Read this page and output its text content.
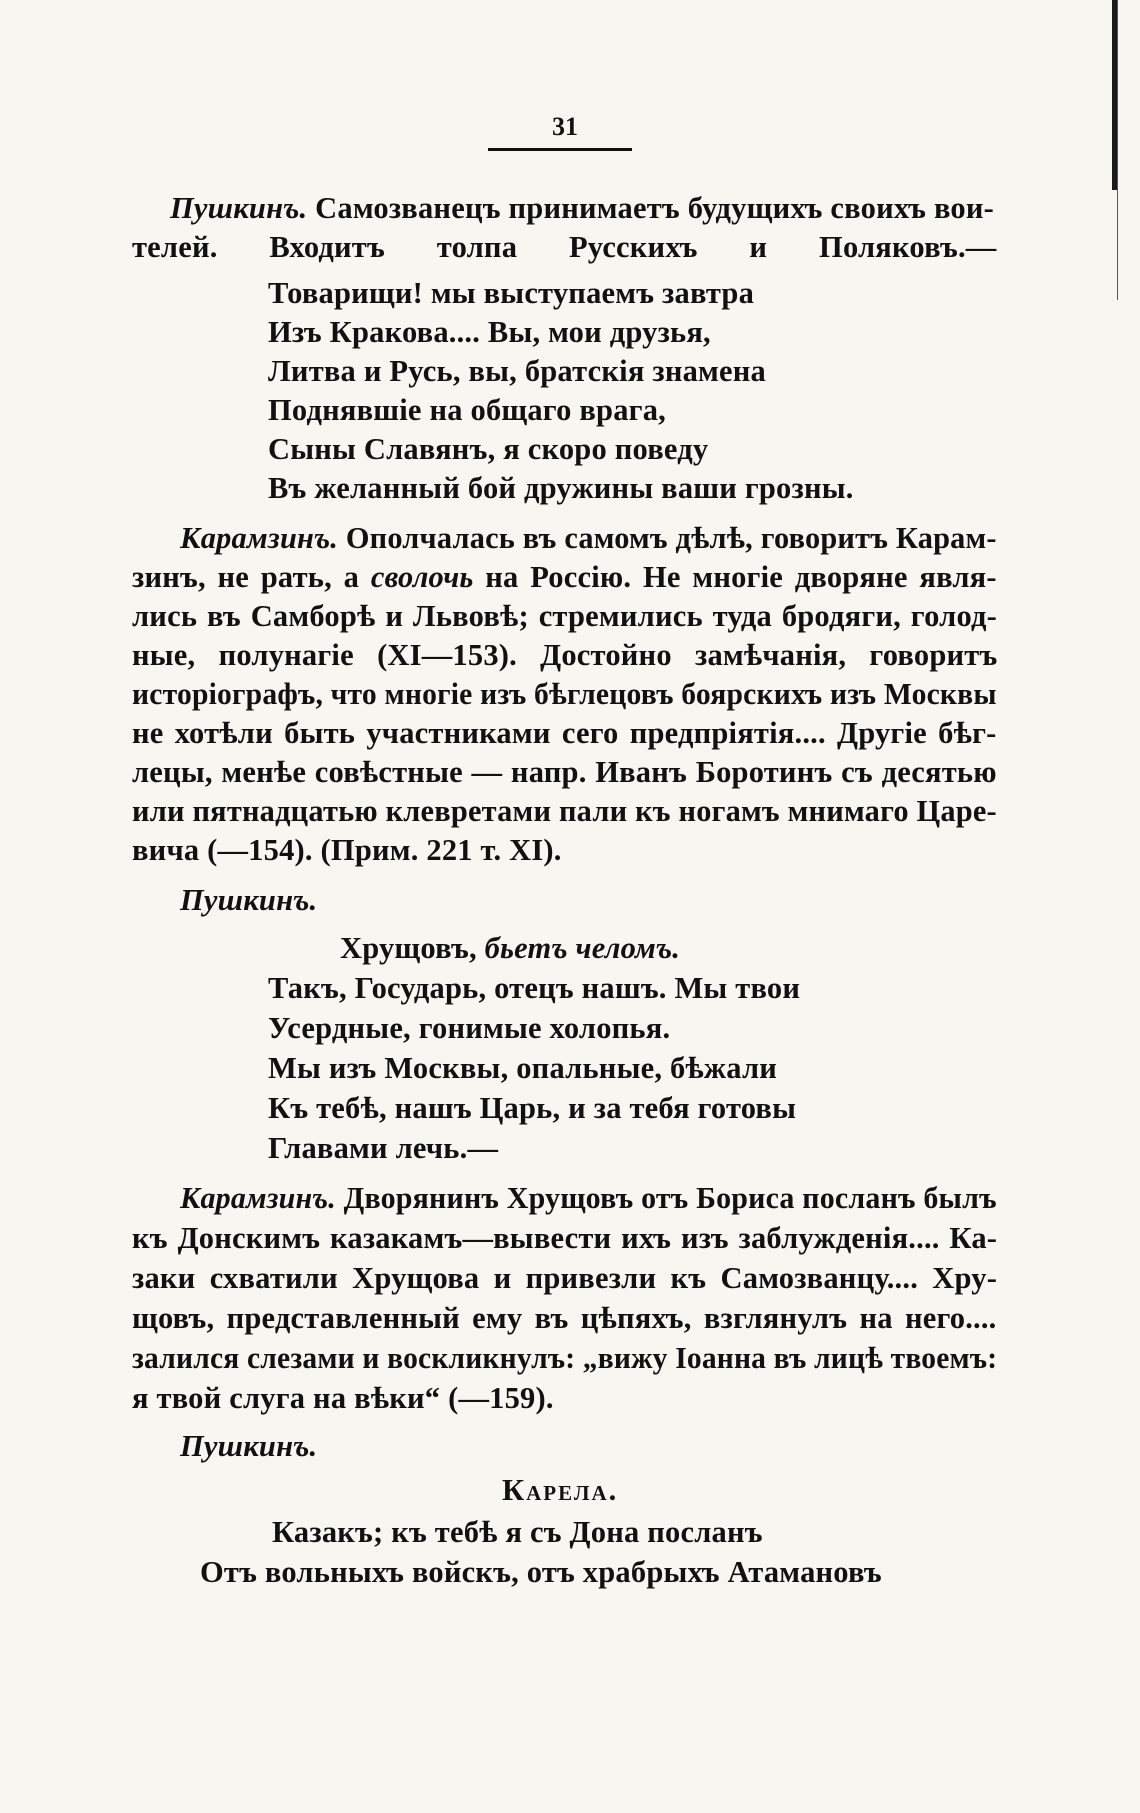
31
Пушкинъ. Самозванецъ принимаетъ будущихъ своихъ вои-
телей. Входитъ толпа Русскихъ и Поляковъ.—
Товарищи! мы выступаемъ завтра
Изъ Кракова.... Вы, мои друзья,
Литва и Русь, вы, братскія знамена
Поднявшіе на общаго врага,
Сыны Славянъ, я скоро поведу
Въ желанный бой дружины ваши грозны.
Карамзинъ. Ополчалась въ самомъ дѣлѣ, говоритъ Карам-
зинъ, не рать, а сволочь на Россію. Не многіе дворяне явля-
лись въ Самборѣ и Львовѣ; стремились туда бродяги, голод-
ные, полунагіе (XI—153). Достойно замѣчанія, говоритъ
исторіографъ, что многіе изъ бѣглецовъ боярскихъ изъ Москвы
не хотѣли быть участниками сего предпріятія.... Другіе бѣг-
лецы, менѣе совѣстные — напр. Иванъ Боротинъ съ десятью
или пятнадцатью клевретами пали къ ногамъ мнимаго Царе-
вича (—154). (Прим. 221 т. XI).
Пушкинъ.
Хрущовъ, бьетъ челомъ.
Такъ, Государь, отецъ нашъ. Мы твои
Усердные, гонимые холопья.
Мы изъ Москвы, опальные, бѣжали
Къ тебѣ, нашъ Царь, и за тебя готовы
Главами лечь.—
Карамзинъ. Дворянинъ Хрущовъ отъ Бориса посланъ былъ
къ Донскимъ казакамъ—вывести ихъ изъ заблужденія.... Ка-
заки схватили Хрущова и привезли къ Самозванцу.... Хру-
щовъ, представленный ему въ цѣпяхъ, взглянулъ на него....
залился слезами и воскликнулъ: „вижу Іоанна въ лицѣ твоемъ:
я твой слуга на вѣки“ (—159).
Пушкинъ.
Карела.
Казакъ; къ тебѣ я съ Дона посланъ
Отъ вольныхъ войскъ, отъ храбрыхъ Атамановъ
